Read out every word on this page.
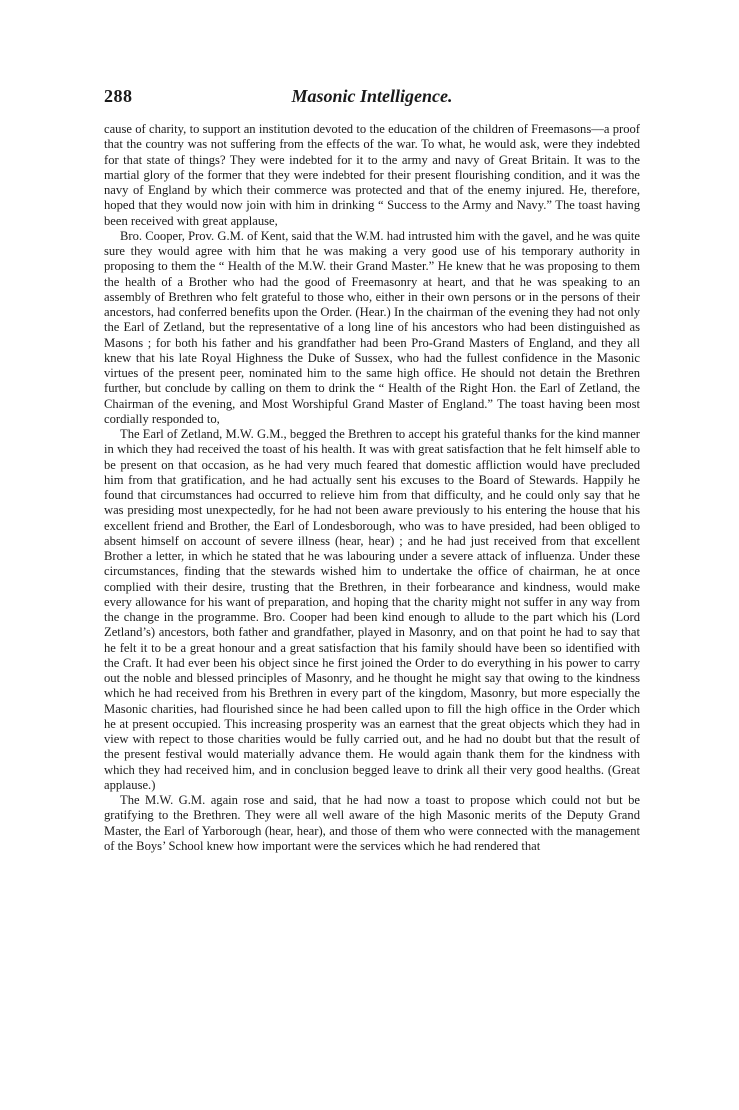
288	Masonic Intelligence.

cause of charity, to support an institution devoted to the education of the children of Freemasons—a proof that the country was not suffering from the effects of the war. To what, he would ask, were they indebted for that state of things? They were indebted for it to the army and navy of Great Britain. It was to the martial glory of the former that they were indebted for their present flourishing condition, and it was the navy of England by which their commerce was protected and that of the enemy injured. He, therefore, hoped that they would now join with him in drinking “ Success to the Army and Navy.” The toast having been received with great applause,

Bro. Cooper, Prov. G.M. of Kent, said that the W.M. had intrusted him with the gavel, and he was quite sure they would agree with him that he was making a very good use of his temporary authority in proposing to them the “ Health of the M.W. their Grand Master.” He knew that he was proposing to them the health of a Brother who had the good of Freemasonry at heart, and that he was speaking to an assembly of Brethren who felt grateful to those who, either in their own persons or in the persons of their ancestors, had conferred benefits upon the Order. (Hear.) In the chairman of the evening they had not only the Earl of Zetland, but the representative of a long line of his ancestors who had been distinguished as Masons ; for both his father and his grandfather had been Pro-Grand Masters of England, and they all knew that his late Royal Highness the Duke of Sussex, who had the fullest confidence in the Masonic virtues of the present peer, nominated him to the same high office. He should not detain the Brethren further, but conclude by calling on them to drink the “ Health of the Right Hon. the Earl of Zetland, the Chairman of the evening, and Most Worshipful Grand Master of England.” The toast having been most cordially responded to,

The Earl of Zetland, M.W. G.M., begged the Brethren to accept his grateful thanks for the kind manner in which they had received the toast of his health. It was with great satisfaction that he felt himself able to be present on that occasion, as he had very much feared that domestic affliction would have precluded him from that gratification, and he had actually sent his excuses to the Board of Stewards. Happily he found that circumstances had occurred to relieve him from that difficulty, and he could only say that he was presiding most unexpectedly, for he had not been aware previously to his entering the house that his excellent friend and Brother, the Earl of Londesborough, who was to have presided, had been obliged to absent himself on account of severe illness (hear, hear) ; and he had just received from that excellent Brother a letter, in which he stated that he was labouring under a severe attack of influenza. Under these circumstances, finding that the stewards wished him to undertake the office of chairman, he at once complied with their desire, trusting that the Brethren, in their forbearance and kindness, would make every allowance for his want of preparation, and hoping that the charity might not suffer in any way from the change in the programme. Bro. Cooper had been kind enough to allude to the part which his (Lord Zetland’s) ancestors, both father and grandfather, played in Masonry, and on that point he had to say that he felt it to be a great honour and a great satisfaction that his family should have been so identified with the Craft. It had ever been his object since he first joined the Order to do everything in his power to carry out the noble and blessed principles of Masonry, and he thought he might say that owing to the kindness which he had received from his Brethren in every part of the kingdom, Masonry, but more especially the Masonic charities, had flourished since he had been called upon to fill the high office in the Order which he at present occupied. This increasing prosperity was an earnest that the great objects which they had in view with repect to those charities would be fully carried out, and he had no doubt but that the result of the present festival would materially advance them. He would again thank them for the kindness with which they had received him, and in conclusion begged leave to drink all their very good healths. (Great applause.)

The M.W. G.M. again rose and said, that he had now a toast to propose which could not but be gratifying to the Brethren. They were all well aware of the high Masonic merits of the Deputy Grand Master, the Earl of Yarborough (hear, hear), and those of them who were connected with the management of the Boys’ School knew how important were the services which he had rendered that
